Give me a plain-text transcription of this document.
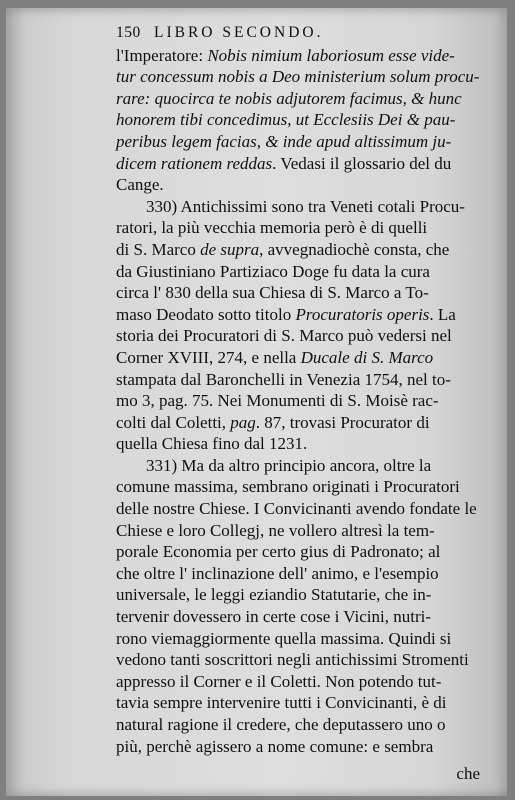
150 LIBRO SECONDO.
l'Imperatore: Nobis nimium laboriosum esse vide-
tur concessum nobis a Deo ministerium solum procu-
rare: quocirca te nobis adjutorem facimus, & hunc
honorem tibi concedimus, ut Ecclesiis Dei & pau-
peribus legem facias, & inde apud altissimum ju-
dicem rationem reddas. Vedasi il glossario del du
Cange.
330) Antichissimi sono tra Veneti cotali Procu-
ratori, la più vecchia memoria però è di quelli
di S. Marco de supra, avvegnadiochè consta, che
da Giustiniano Partiziaco Doge fu data la cura
circa l' 830 della sua Chiesa di S. Marco a To-
maso Deodato sotto titolo Procuratoris operis. La
storia dei Procuratori di S. Marco può vedersi nel
Corner XVIII, 274, e nella Ducale di S. Marco
stampata dal Baronchelli in Venezia 1754, nel to-
mo 3, pag. 75. Nei Monumenti di S. Moisè rac-
colti dal Coletti, pag. 87, trovasi Procurator di
quella Chiesa fino dal 1231.
331) Ma da altro principio ancora, oltre la
comune massima, sembrano originati i Procuratori
delle nostre Chiese. I Convicinanti avendo fondate le
Chiese e loro Collegj, ne vollero altresì la tem-
porale Economia per certo gius di Padronato; al
che oltre l' inclinazione dell' animo, e l'esempio
universale, le leggi eziandio Statutarie, che in-
tervenir dovessero in certe cose i Vicini, nutri-
rono viemaggiormente quella massima. Quindi si
vedono tanti soscrittori negli antichissimi Stromenti
appresso il Corner e il Coletti. Non potendo tut-
tavia sempre intervenire tutti i Convicinanti, è di
natural ragione il credere, che deputassero uno o
più, perchè agissero a nome comune: e sembra
che
